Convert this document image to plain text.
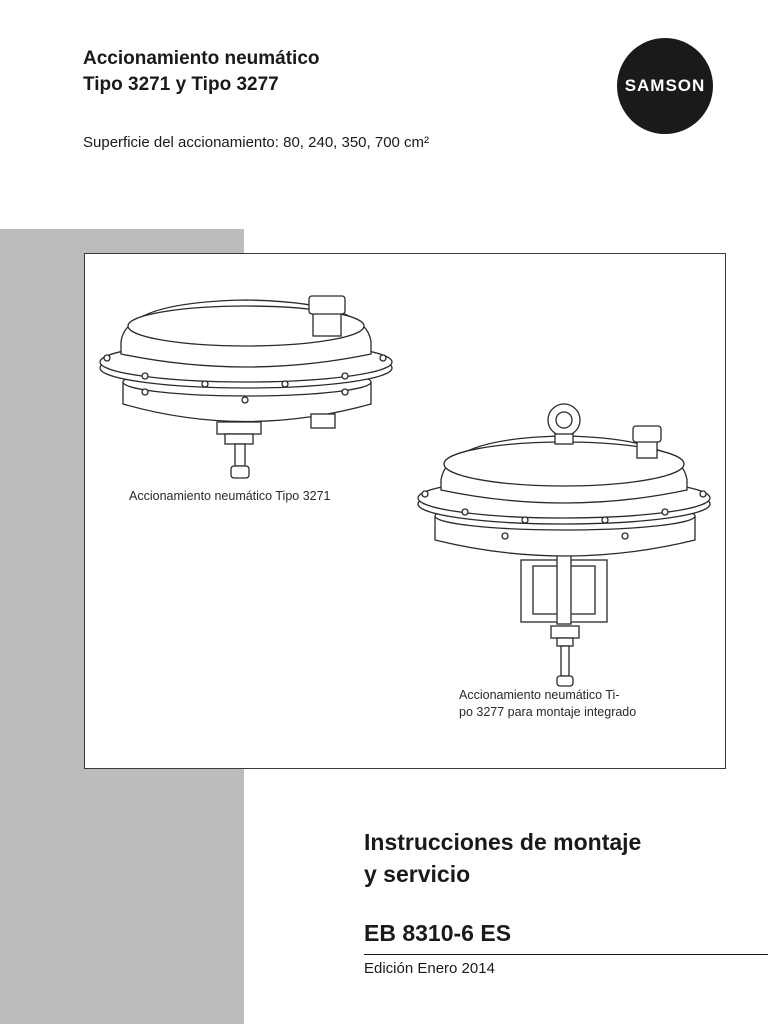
Accionamiento neumático
Tipo 3271 y Tipo 3277
Superficie del accionamiento: 80, 240, 350, 700 cm²
SAMSON
Accionamiento neumático Tipo 3271
Accionamiento neumático Ti-
po 3277 para montaje integrado
Instrucciones de montaje
y servicio
EB 8310-6 ES
Edición Enero 2014
